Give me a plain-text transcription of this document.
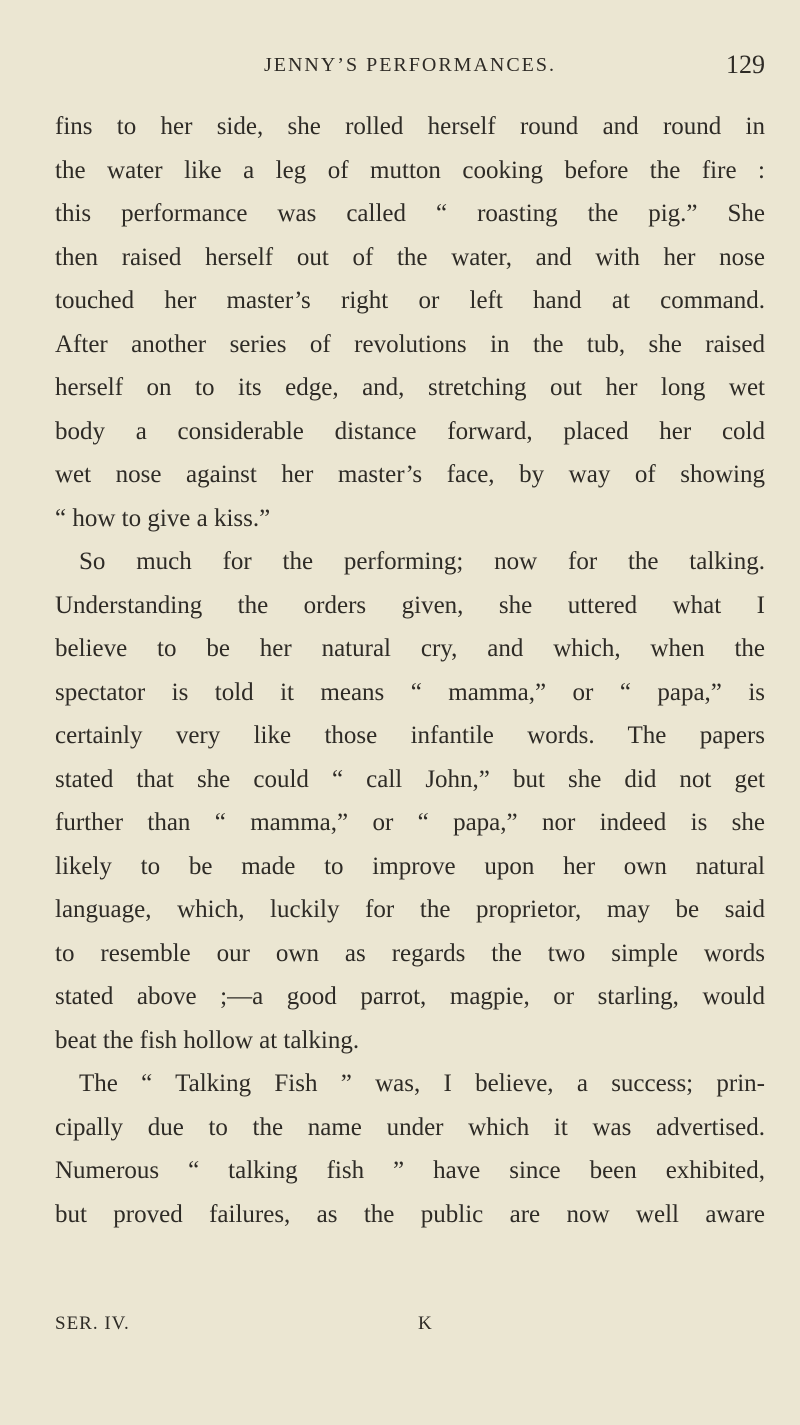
JENNY’S PERFORMANCES.	129
fins to her side, she rolled herself round and round in
the water like a leg of mutton cooking before the fire :
this performance was called “ roasting the pig.” She
then raised herself out of the water, and with her nose
touched her master’s right or left hand at command.
After another series of revolutions in the tub, she raised
herself on to its edge, and, stretching out her long wet
body a considerable distance forward, placed her cold
wet nose against her master’s face, by way of showing
“ how to give a kiss.”
So much for the performing; now for the talking.
Understanding the orders given, she uttered what I
believe to be her natural cry, and which, when the
spectator is told it means “ mamma,” or “ papa,” is
certainly very like those infantile words. The papers
stated that she could “ call John,” but she did not get
further than “ mamma,” or “ papa,” nor indeed is she
likely to be made to improve upon her own natural
language, which, luckily for the proprietor, may be said
to resemble our own as regards the two simple words
stated above ;—a good parrot, magpie, or starling, would
beat the fish hollow at talking.
The “ Talking Fish ” was, I believe, a success; prin-
cipally due to the name under which it was advertised.
Numerous “ talking fish ” have since been exhibited,
but proved failures, as the public are now well aware
SER. IV.	K
